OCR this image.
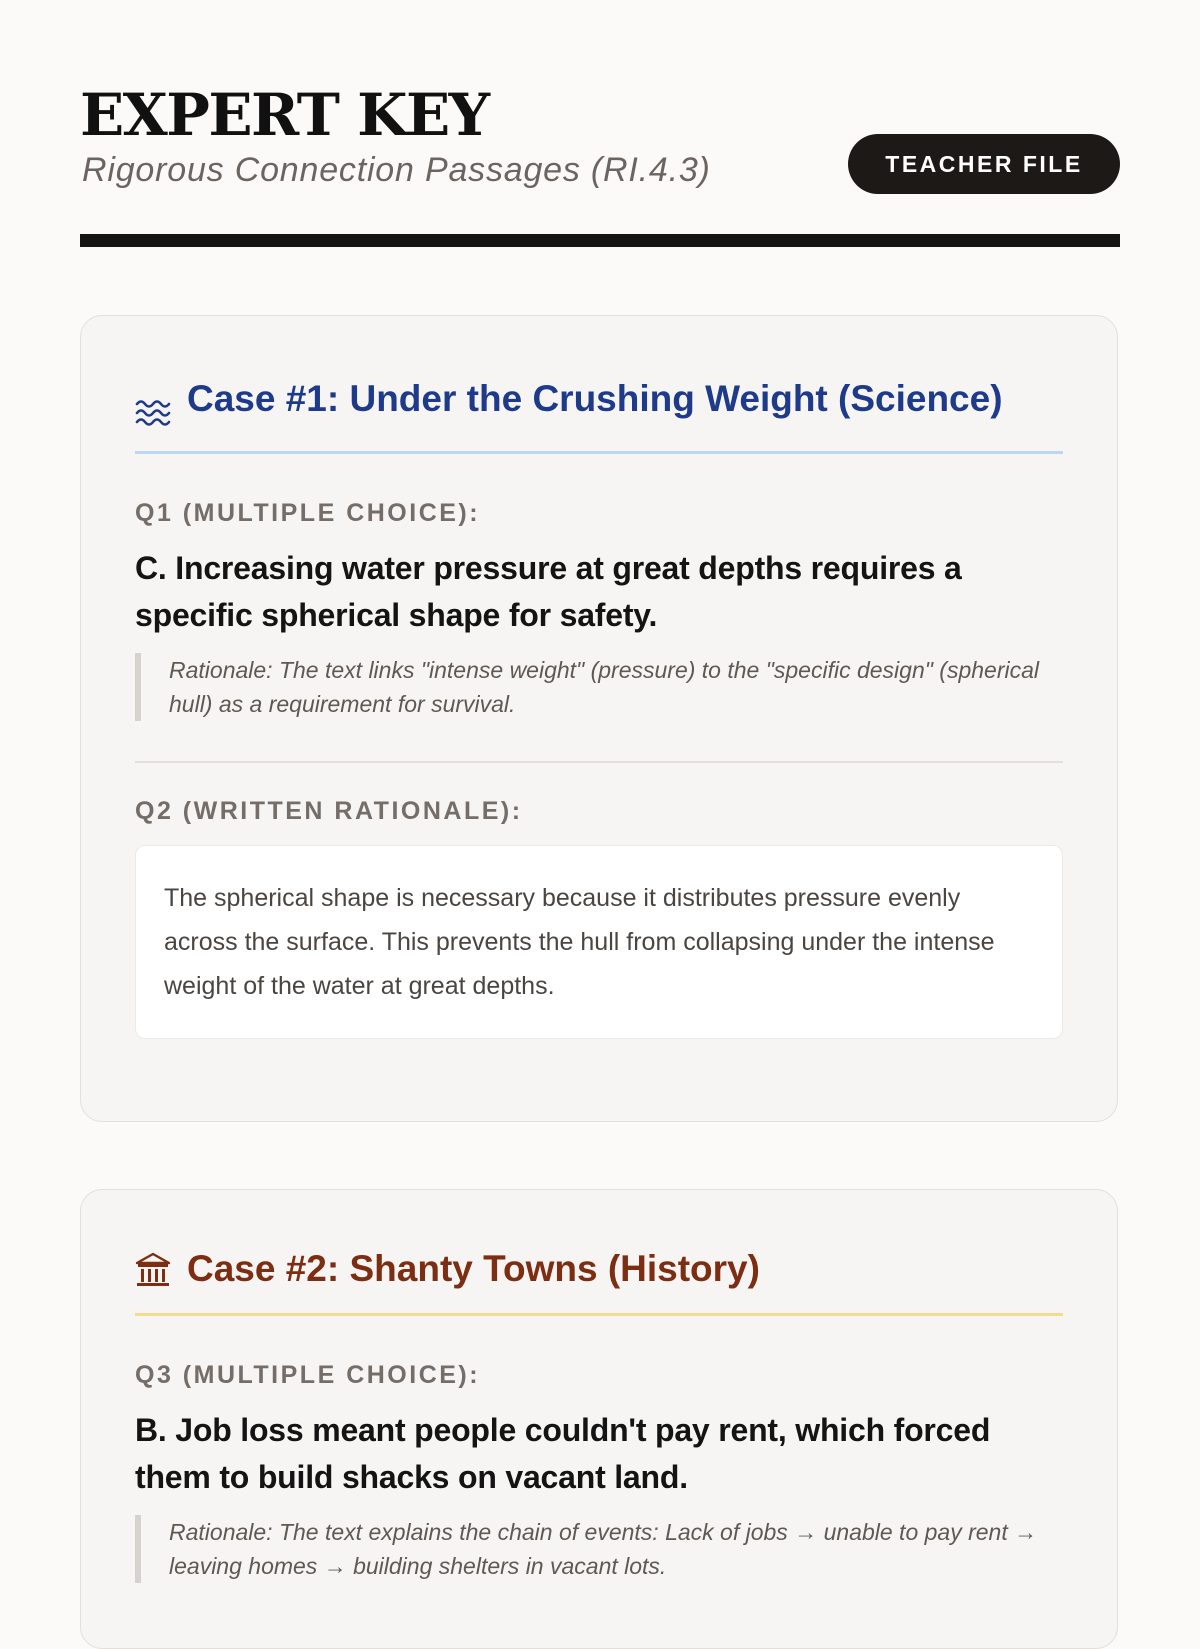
EXPERT KEY
Rigorous Connection Passages (RI.4.3)	TEACHER FILE
Case #1: Under the Crushing Weight (Science)
Q1 (MULTIPLE CHOICE):
C. Increasing water pressure at great depths requires a specific spherical shape for safety.
Rationale: The text links "intense weight" (pressure) to the "specific design" (spherical hull) as a requirement for survival.
Q2 (WRITTEN RATIONALE):
The spherical shape is necessary because it distributes pressure evenly across the surface. This prevents the hull from collapsing under the intense weight of the water at great depths.
Case #2: Shanty Towns (History)
Q3 (MULTIPLE CHOICE):
B. Job loss meant people couldn't pay rent, which forced them to build shacks on vacant land.
Rationale: The text explains the chain of events: Lack of jobs → unable to pay rent → leaving homes → building shelters in vacant lots.
